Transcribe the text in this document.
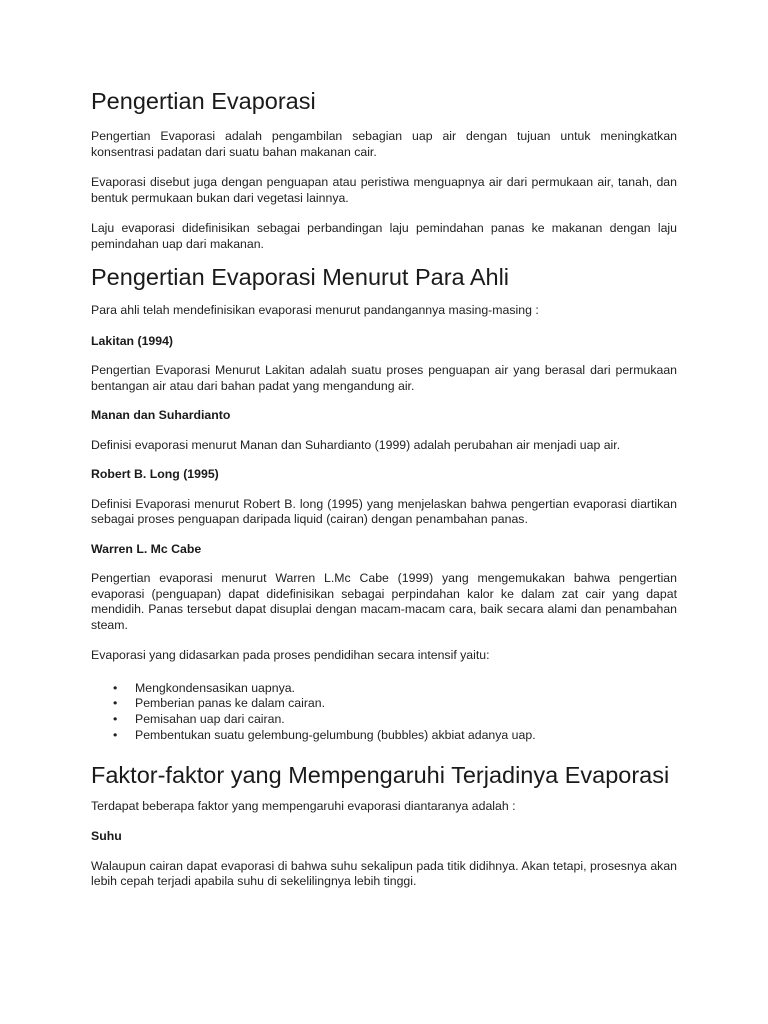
Pengertian Evaporasi

Pengertian Evaporasi adalah pengambilan sebagian uap air dengan tujuan untuk meningkatkan konsentrasi padatan dari suatu bahan makanan cair.

Evaporasi disebut juga dengan penguapan atau peristiwa menguapnya air dari permukaan air, tanah, dan bentuk permukaan bukan dari vegetasi lainnya.

Laju evaporasi didefinisikan sebagai perbandingan laju pemindahan panas ke makanan dengan laju pemindahan uap dari makanan.

Pengertian Evaporasi Menurut Para Ahli

Para ahli telah mendefinisikan evaporasi menurut pandangannya masing-masing :

Lakitan (1994)

Pengertian Evaporasi Menurut Lakitan adalah suatu proses penguapan air yang berasal dari permukaan bentangan air atau dari bahan padat yang mengandung air.

Manan dan Suhardianto

Definisi evaporasi menurut Manan dan Suhardianto (1999) adalah perubahan air menjadi uap air.

Robert B. Long (1995)

Definisi Evaporasi menurut Robert B. long (1995) yang menjelaskan bahwa pengertian evaporasi diartikan sebagai proses penguapan daripada liquid (cairan) dengan penambahan panas.

Warren L. Mc Cabe

Pengertian evaporasi menurut Warren L.Mc Cabe (1999) yang mengemukakan bahwa pengertian evaporasi (penguapan) dapat didefinisikan sebagai perpindahan kalor ke dalam zat cair yang dapat mendidih. Panas tersebut dapat disuplai dengan macam-macam cara, baik secara alami dan penambahan steam.

Evaporasi yang didasarkan pada proses pendidihan secara intensif yaitu:

• Mengkondensasikan uapnya.
• Pemberian panas ke dalam cairan.
• Pemisahan uap dari cairan.
• Pembentukan suatu gelembung-gelumbung (bubbles) akbiat adanya uap.
Faktor-faktor yang Mempengaruhi Terjadinya Evaporasi

Terdapat beberapa faktor yang mempengaruhi evaporasi diantaranya adalah :

Suhu

Walaupun cairan dapat evaporasi di bahwa suhu sekalipun pada titik didihnya. Akan tetapi, prosesnya akan lebih cepah terjadi apabila suhu di sekelilingnya lebih tinggi.
